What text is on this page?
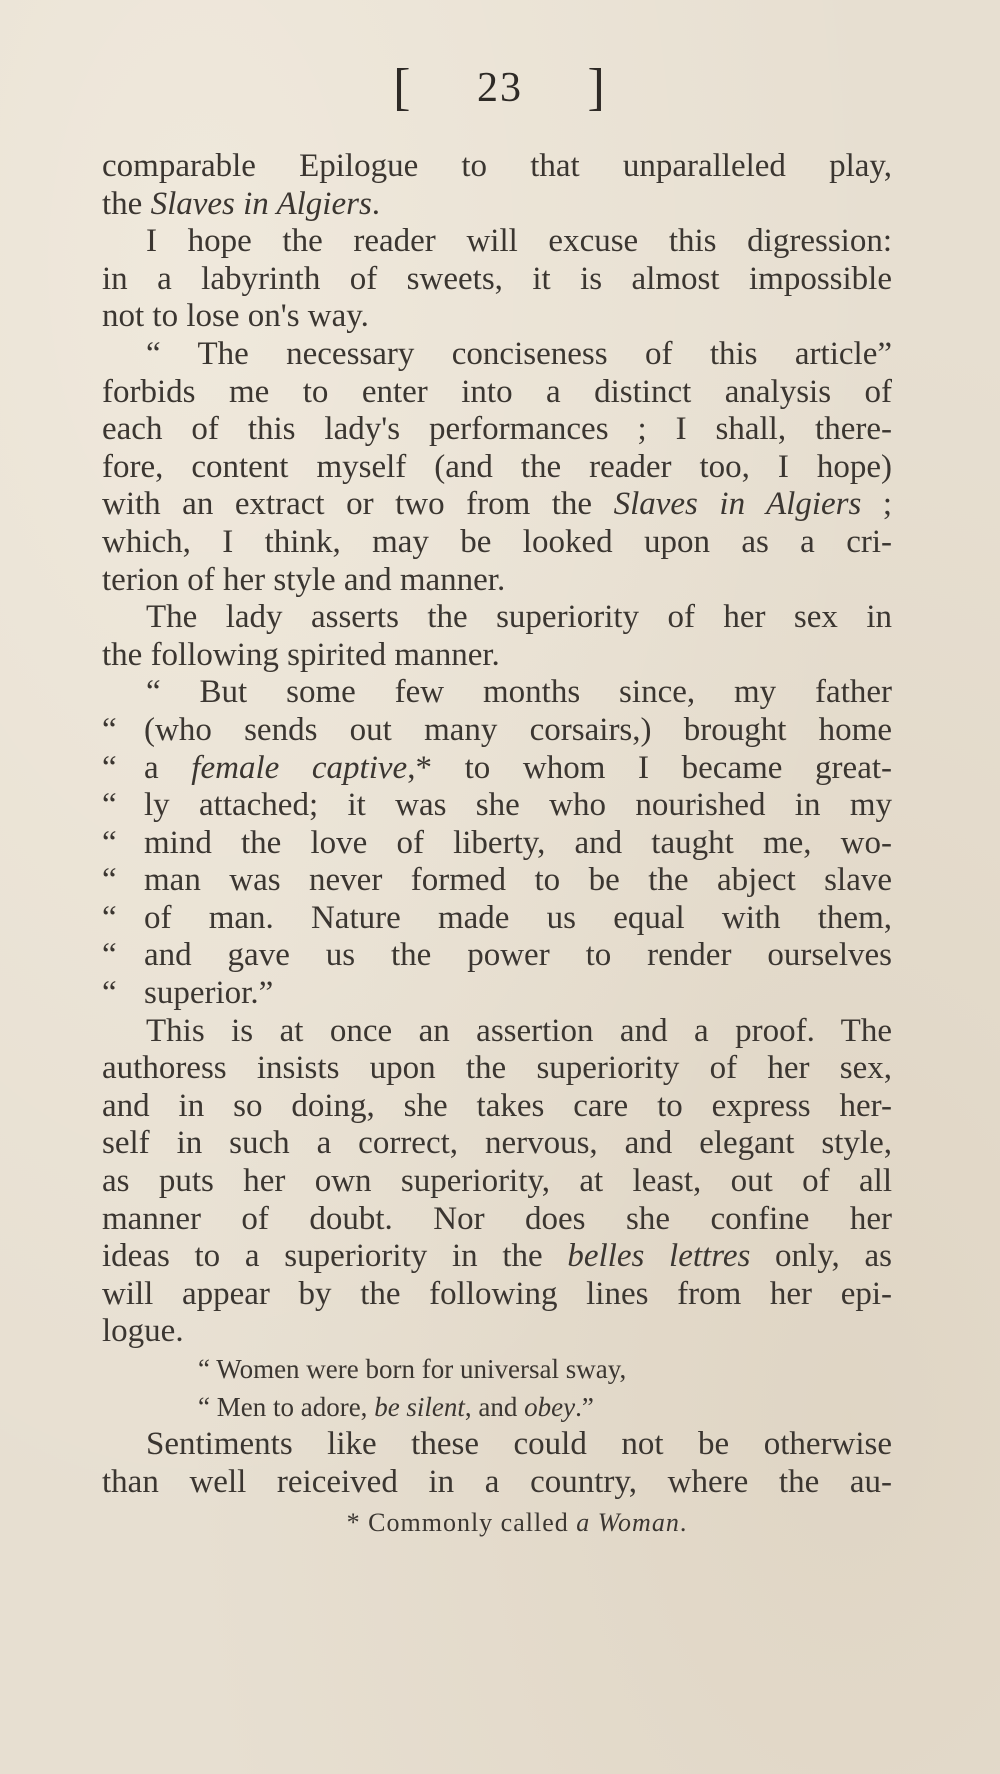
[ 23 ]
comparable Epilogue to that unparalleled play,
the Slaves in Algiers.
I hope the reader will excuse this digression:
in a labyrinth of sweets, it is almost impossible
not to lose on's way.
“ The necessary conciseness of this article”
forbids me to enter into a distinct analysis of
each of this lady's performances ; I shall, there-
fore, content myself (and the reader too, I hope)
with an extract or two from the Slaves in Algiers ;
which, I think, may be looked upon as a cri-
terion of her style and manner.
The lady asserts the superiority of her sex in
the following spirited manner.
“ But some few months since, my father
“ (who sends out many corsairs,) brought home
“ a female captive,* to whom I became great-
“ ly attached; it was she who nourished in my
“ mind the love of liberty, and taught me, wo-
“ man was never formed to be the abject slave
“ of man. Nature made us equal with them,
“ and gave us the power to render ourselves
“ superior.”
This is at once an assertion and a proof. The
authoress insists upon the superiority of her sex,
and in so doing, she takes care to express her-
self in such a correct, nervous, and elegant style,
as puts her own superiority, at least, out of all
manner of doubt. Nor does she confine her
ideas to a superiority in the belles lettres only, as
will appear by the following lines from her epi-
logue.
“ Women were born for universal sway,
“ Men to adore, be silent, and obey.”
Sentiments like these could not be otherwise
than well reiceived in a country, where the au-
* Commonly called a Woman.
